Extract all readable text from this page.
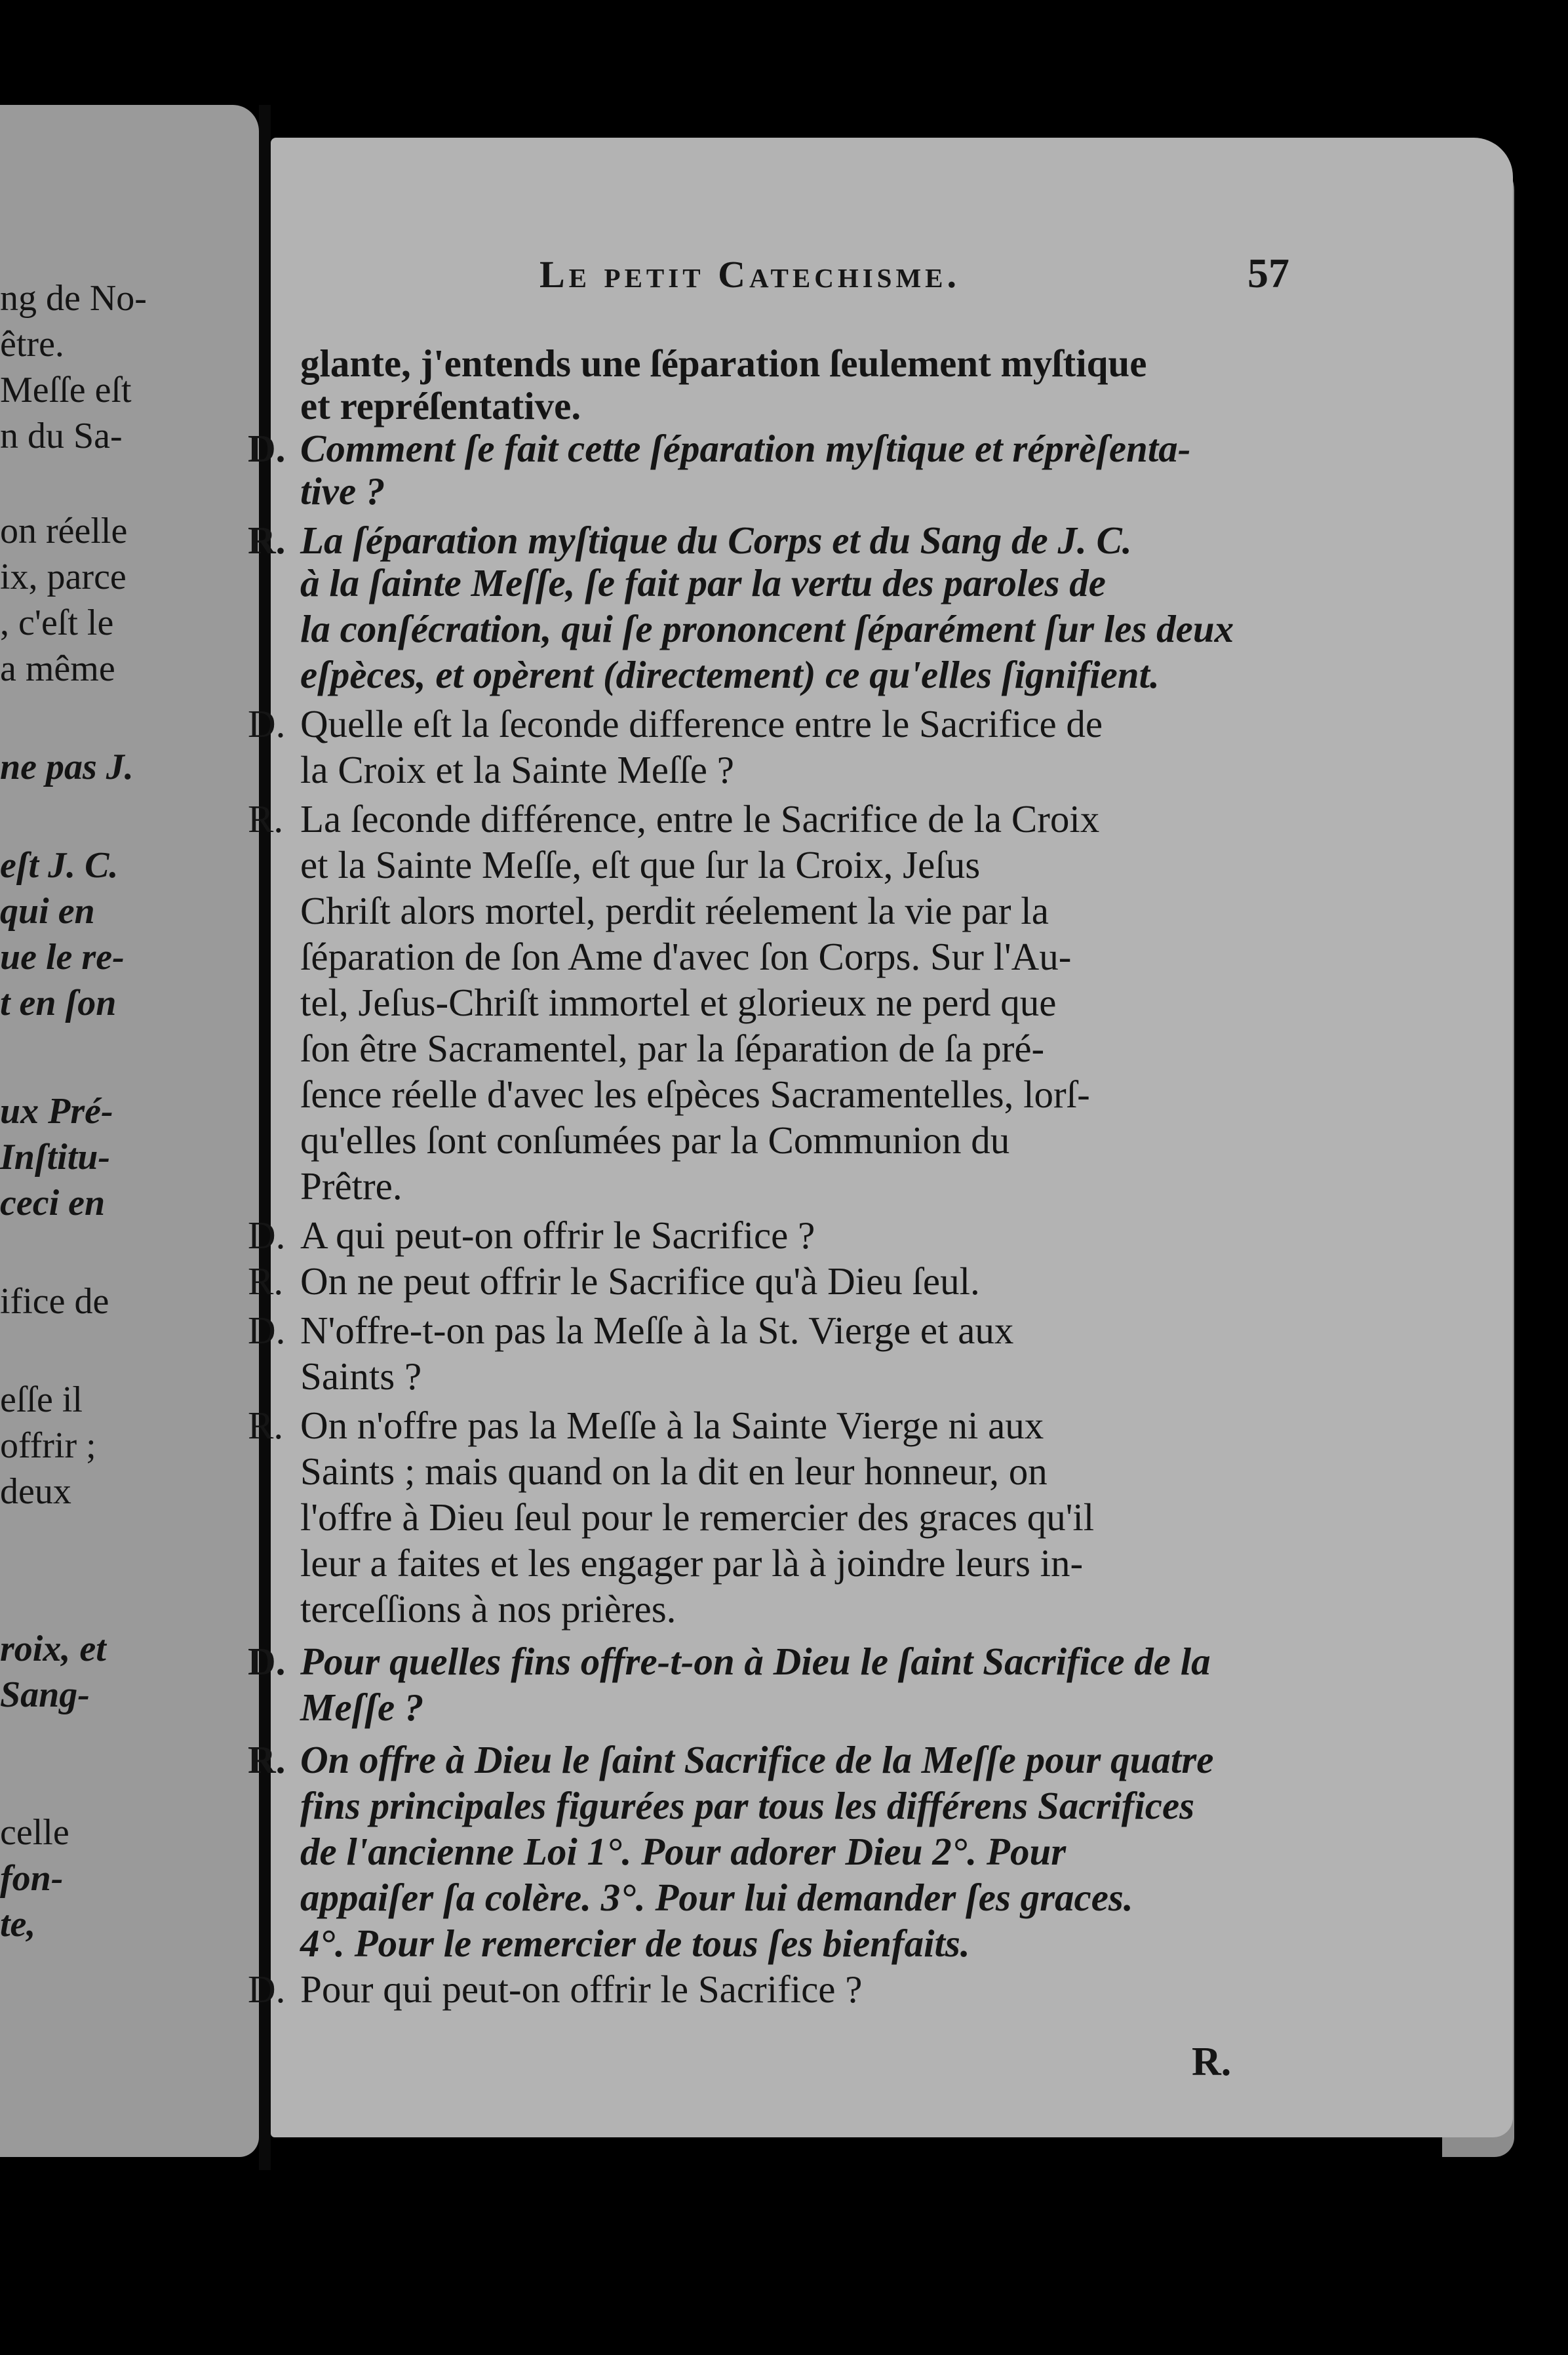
ng de No-
être.
Meſſe eſt
n du Sa-
on réelle
ix, parce
, c'eſt le
a même
ne pas J.
eſt J. C.
qui en
ue le re-
t en ſon
ux Pré-
Inſtitu-
ceci en
ifice de
eſſe il
offrir ;
deux
roix, et
Sang-
celle
fon-
te,
Le petit Catechisme.	57
glante, j'entends une ſéparation ſeulement myſtique
et repréſentative.
D. Comment ſe fait cette ſéparation myſtique et réprèſenta-
tive ?
R. La ſéparation myſtique du Corps et du Sang de J. C.
à la ſainte Meſſe, ſe fait par la vertu des paroles de
la conſécration, qui ſe prononcent ſéparément ſur les deux
eſpèces, et opèrent (directement) ce qu'elles ſignifient.
D. Quelle eſt la ſeconde difference entre le Sacrifice de
la Croix et la Sainte Meſſe ?
R. La ſeconde différence, entre le Sacrifice de la Croix
et la Sainte Meſſe, eſt que ſur la Croix, Jeſus
Chriſt alors mortel, perdit réelement la vie par la
ſéparation de ſon Ame d'avec ſon Corps. Sur l'Au-
tel, Jeſus-Chriſt immortel et glorieux ne perd que
ſon être Sacramentel, par la ſéparation de ſa pré-
ſence réelle d'avec les eſpèces Sacramentelles, lorſ-
qu'elles ſont conſumées par la Communion du
Prêtre.
D. A qui peut-on offrir le Sacrifice ?
R. On ne peut offrir le Sacrifice qu'à Dieu ſeul.
D. N'offre-t-on pas la Meſſe à la St. Vierge et aux
Saints ?
R. On n'offre pas la Meſſe à la Sainte Vierge ni aux
Saints ; mais quand on la dit en leur honneur, on
l'offre à Dieu ſeul pour le remercier des graces qu'il
leur a faites et les engager par là à joindre leurs in-
terceſſions à nos prières.
D. Pour quelles fins offre-t-on à Dieu le ſaint Sacrifice de la
Meſſe ?
R. On offre à Dieu le ſaint Sacrifice de la Meſſe pour quatre
fins principales figurées par tous les différens Sacrifices
de l'ancienne Loi 1°. Pour adorer Dieu 2°. Pour
appaiſer ſa colère. 3°. Pour lui demander ſes graces.
4°. Pour le remercier de tous ſes bienfaits.
D. Pour qui peut-on offrir le Sacrifice ?
R.
